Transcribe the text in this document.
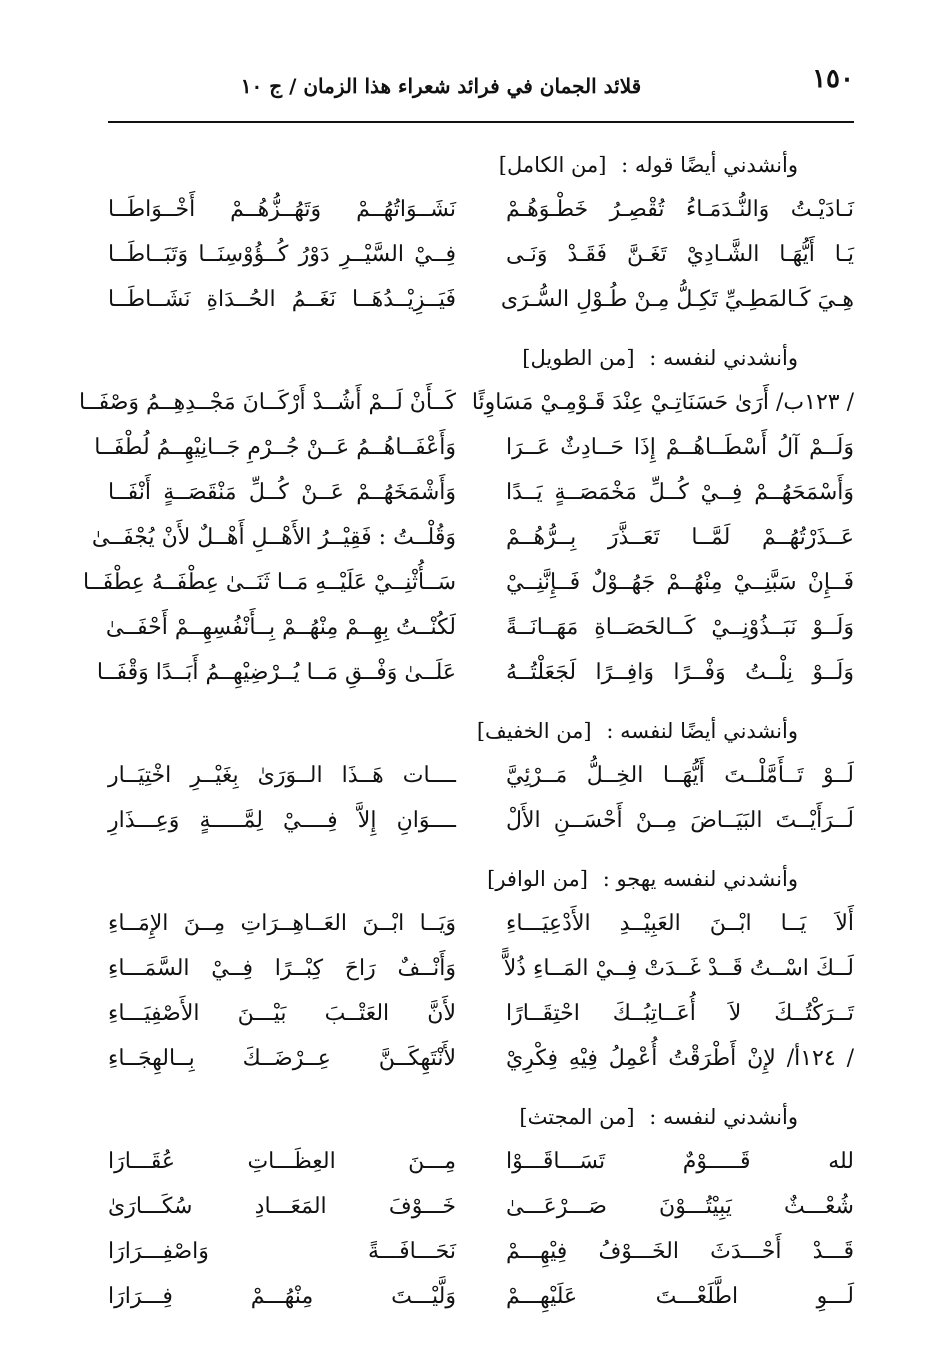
١٥٠
قلائد الجمان في فرائد شعراء هذا الزمان / ج ١٠
وأنشدني أيضًا قوله : [من الكامل]
نَـادَيْـتُ وَالنُّـدَمَـاءُ تُقْصِـرُ خَطْـوَهُـمْ
نَشَــوَاتُهُــمْ وَتَهُــزُّهُــمْ أَخْــوَاطَــا
يَـا أَيُّهَـا الشَّـادِيْ تَغَـنَّ فَقَـدْ وَنَـى
فِــيْ السَّيْــرِ دَوْرُ كُــؤُوْسِنَــا وَتَبَــاطَــا
هِـيَ كَـالمَطِـيِّ تَكِـلُّ مِـنْ طُـوْلِ السُّـرَى
فَيَــزِيْــدُهَــا نَغَــمُ الحُــدَاةِ نَشَــاطَــا
وأنشدني لنفسه : [من الطويل]
/ ١٢٣ب/ أَرَىٰ حَسَنَاتِـيْ عِنْدَ قَـوْمِـيْ مَسَاوِئًا
كَــأَنْ لَــمْ أَشُــدْ أَرْكَــانَ مَجْــدِهِــمُ وَصْفَــا
وَلَــمْ آلُ أَسْطَــاهُــمْ إِذَا حَــادِثٌ عَــرَا
وَأَعْفَــاهُــمُ عَــنْ جُــرْمِ جَــانِيْهِــمُ لُطْفَــا
وَأَسْمَحَهُــمْ فِــيْ كُــلِّ مَخْمَصَــةٍ يَــدًا
وَأَشْمَخَهُــمْ عَــنْ كُــلِّ مَنْقَصَــةٍ أَنْفَــا
عَــذَرْتُهُــمْ لَمَّــا تَعَــذَّرَ بِــرُّهُــمْ
وَقُلْــتُ : فَقِيْــرُ الأَهْــلِ أَهْــلٌ لأَنْ يُجْفَــىٰ
فَــإِنْ سَبَّنِــيْ مِنْهُــمْ جَهُــوْلٌ فَــإِنَّنِــيْ
سَــأُثْنِــيْ عَلَيْــهِ مَــا ثَنَــىٰ عِطْفَــهُ عِطْفَــا
وَلَــوْ نَبَــذُوْنِــيْ كَــالحَصَــاةِ مَهَــانَــةً
لَكُنْــتُ بِهِــمْ مِنْهُــمْ بِــأَنْفُسِهِــمْ أَحْفَــىٰ
وَلَــوْ نِلْــتُ وَفْــرًا وَافِــرًا لَجَعَلْتُــهُ
عَلَــىٰ وَفْــقِ مَــا يُــرْضِيْهِــمُ أَبَــدًا وَقْفَــا
وأنشدني أيضًا لنفسه : [من الخفيف]
لَــوْ تَــأَمَّلْــتَ أَيُّهَــا الخِــلُّ مَــرْئِيَّ
ــــات هَــذَا الــوَرَىٰ بِغَيْــرِ اخْتِيَــار
لَــرَأَيْــتَ البَيَــاضَ مِــنْ أَحْسَــنِ الأَلْ
ــــوَانِ إِلاَّ فِــــيْ لِمَّـــــةٍ وَعِـــذَارِ
وأنشدني لنفسه يهجو : [من الوافر]
أَلاَ يَــا ابْــنَ العَبِيْــدِ الأَدْعِيَـــاءِ
وَيَــا ابْــنَ العَــاهِــرَاتِ مِــنَ الإِمَــاءِ
لَــكَ اسْــتُ قَــدْ غَــدَتْ فِــيْ المَــاءِ ذُلاًّ
وَأَنْــفٌ رَاحَ كِبْــرًا فِــيْ السَّمَـــاءِ
تَــرَكْتُــكَ لاَ أُعَــاتِبُــكَ احْتِقَــارًا
لأَنَّ العَتْــبَ بَيْـــنَ الأَصْفِيَـــاءِ
/ ١٢٤أ/ لإِنْ أَطْرَقْتُ أُعْمِلُ فِيْهِ فِكْرِيْ
لأَنْتَهِكَــنَّ عِــرْضَــكَ بِــالهِجَــاءِ
وأنشدني لنفسه : [من المجتث]
لله قَـــــوْمٌ تَسَـــاقَـــوْا
مِـــنَ العِظَـــاتِ عُقَـــارَا
شُعْـــثٌ يَبِيْتُـــوْنَ صَـــرْعَـــىٰ
خَـــوْفَ المَعَـــادِ سُكَـــارَىٰ
قَـــدْ أَحْـــدَثَ الخَـــوْفُ فِيْهِـــمْ
نَحَـــافَـــةً وَاصْفِـــرَارَا
لَـــوِ اطَّلَعْـــتَ عَلَيْهِـــمْ
وَلَّيْـــتَ مِنْهُـــمْ فِـــرَارَا
